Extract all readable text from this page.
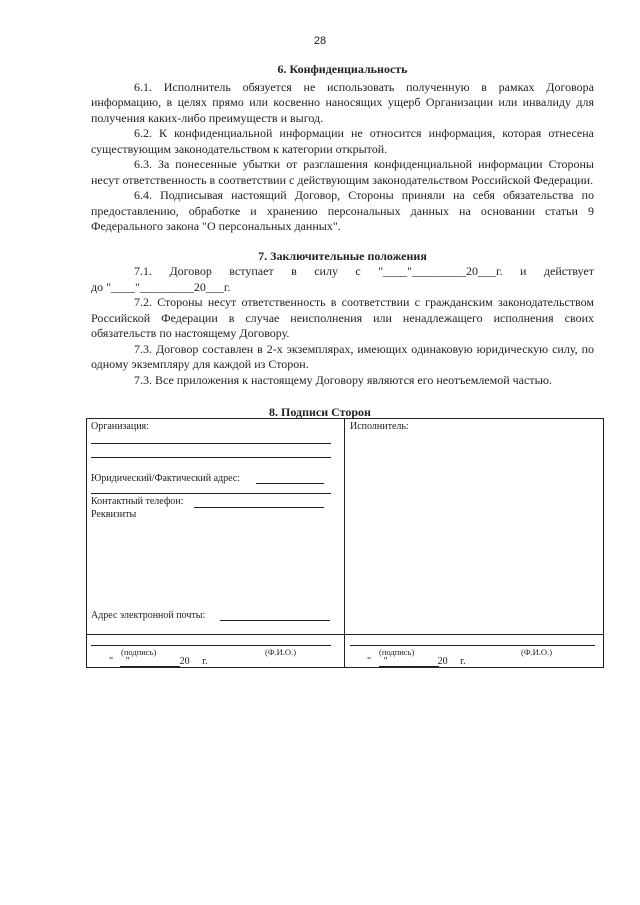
28
6. Конфиденциальность

6.1. Исполнитель обязуется не использовать полученную в рамках Договора информацию, в целях прямо или косвенно наносящих ущерб Организации или инвалиду для получения каких-либо преимуществ и выгод.

6.2. К конфиденциальной информации не относится информация, которая отнесена существующим законодательством к категории открытой.

6.3. За понесенные убытки от разглашения конфиденциальной информации Стороны несут ответственность в соответствии с действующим законодательством Российской Федерации.

6.4. Подписывая настоящий Договор, Стороны приняли на себя обязательства по предоставлению, обработке и хранению персональных данных на основании статьи 9 Федерального закона "О персональных данных".

7. Заключительные положения

7.1. Договор вступает в силу с "____"_________20___г. и действует

до "____"_________20___г.

7.2. Стороны несут ответственность в соответствии с гражданским законодательством Российской Федерации в случае неисполнения или ненадлежащего исполнения своих обязательств по настоящему Договору.

7.3. Договор составлен в 2-х экземплярах, имеющих одинаковую юридическую силу, по одному экземпляру для каждой из Сторон.

7.3. Все приложения к настоящему Договору являются его неотъемлемой частью.

8. Подписи Сторон
Организация:
Юридический/Фактический адрес:
Контактный телефон:
Реквизиты
Адрес электронной почты:
(подпись)	(Ф.И.О.)
"     "                    20     г.
Исполнитель:
(подпись)	(Ф.И.О.)
"     "                    20     г.
